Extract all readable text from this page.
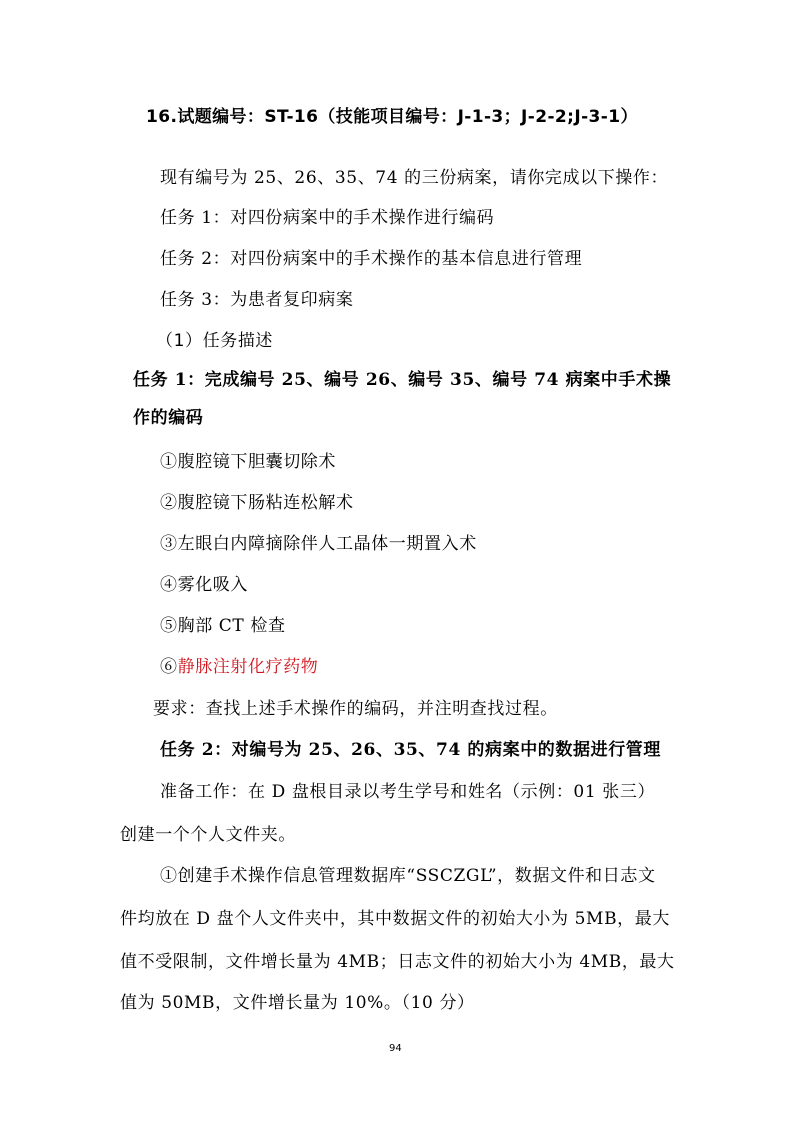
16.试题编号：ST-16（技能项目编号：J-1-3；J-2-2;J-3-1）
现有编号为 25、26、35、74 的三份病案，请你完成以下操作：
任务 1：对四份病案中的手术操作进行编码
任务 2：对四份病案中的手术操作的基本信息进行管理
任务 3：为患者复印病案
（1）任务描述
任务 1：完成编号 25、编号 26、编号 35、编号 74 病案中手术操
作的编码
①腹腔镜下胆囊切除术
②腹腔镜下肠粘连松解术
③左眼白内障摘除伴人工晶体一期置入术
④雾化吸入
⑤胸部 CT 检查
⑥静脉注射化疗药物
要求：查找上述手术操作的编码，并注明查找过程。
任务 2：对编号为 25、26、35、74 的病案中的数据进行管理
准备工作：在 D 盘根目录以考生学号和姓名（示例：01 张三）
创建一个个人文件夹。
①创建手术操作信息管理数据库“SSCZGL”，数据文件和日志文
件均放在 D 盘个人文件夹中，其中数据文件的初始大小为 5MB，最大
值不受限制，文件增长量为 4MB；日志文件的初始大小为 4MB，最大
值为 50MB，文件增长量为 10%。（10 分）
94
